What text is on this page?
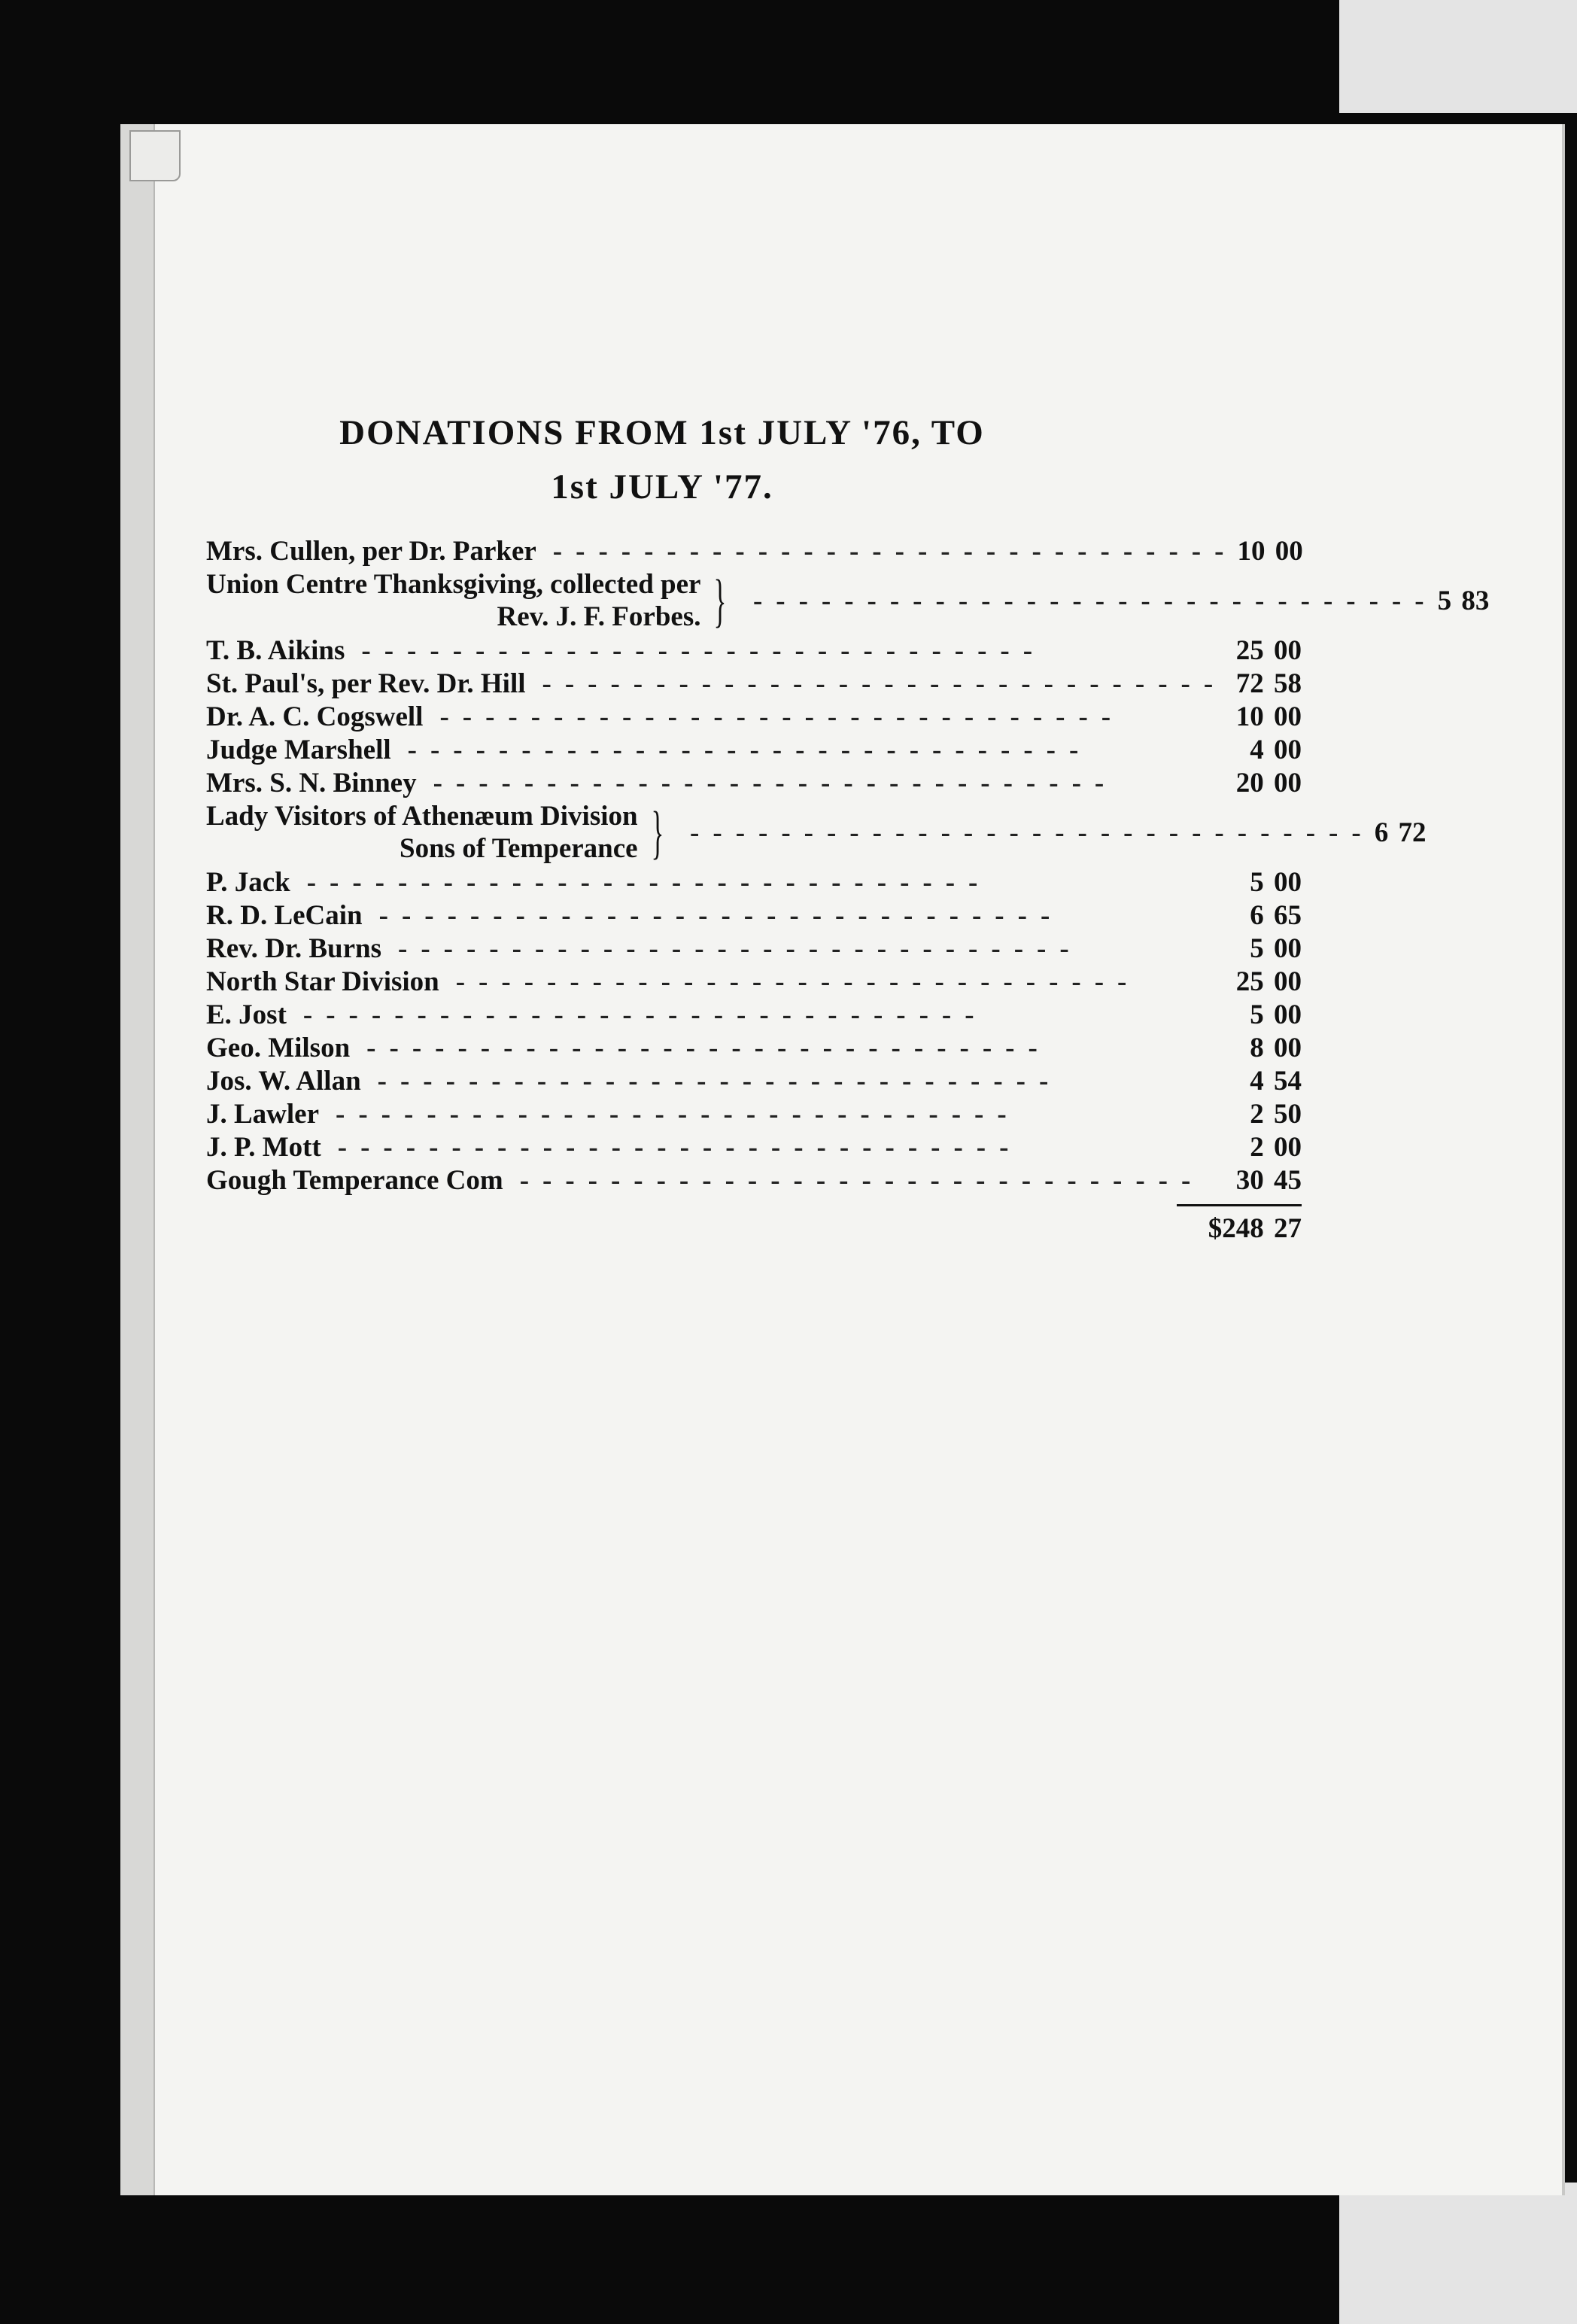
DONATIONS FROM 1st JULY '76, TO
1st JULY '77.
Mrs. Cullen, per Dr. Parker ------------------------------ 10 00
Union Centre Thanksgiving, collected per
Rev. J. F. Forbes. } ------------------------------ 5 83
T. B. Aikins ------------------------------	25 00
St. Paul's, per Rev. Dr. Hill ------------------------------ 72 58
Dr. A. C. Cogswell ------------------------------	10 00
Judge Marshell ------------------------------	4 00
Mrs. S. N. Binney ------------------------------	20 00
Lady Visitors of Athenæum Division
Sons of Temperance } ------------------------------ 6 72
P. Jack ------------------------------	5 00
R. D. LeCain ------------------------------	6 65
Rev. Dr. Burns ------------------------------	5 00
North Star Division ------------------------------	25 00
E. Jost ------------------------------	5 00
Geo. Milson ------------------------------	8 00
Jos. W. Allan ------------------------------	4 54
J. Lawler ------------------------------	2 50
J. P. Mott ------------------------------	2 00
Gough Temperance Com ------------------------------	30 45
$248 27
